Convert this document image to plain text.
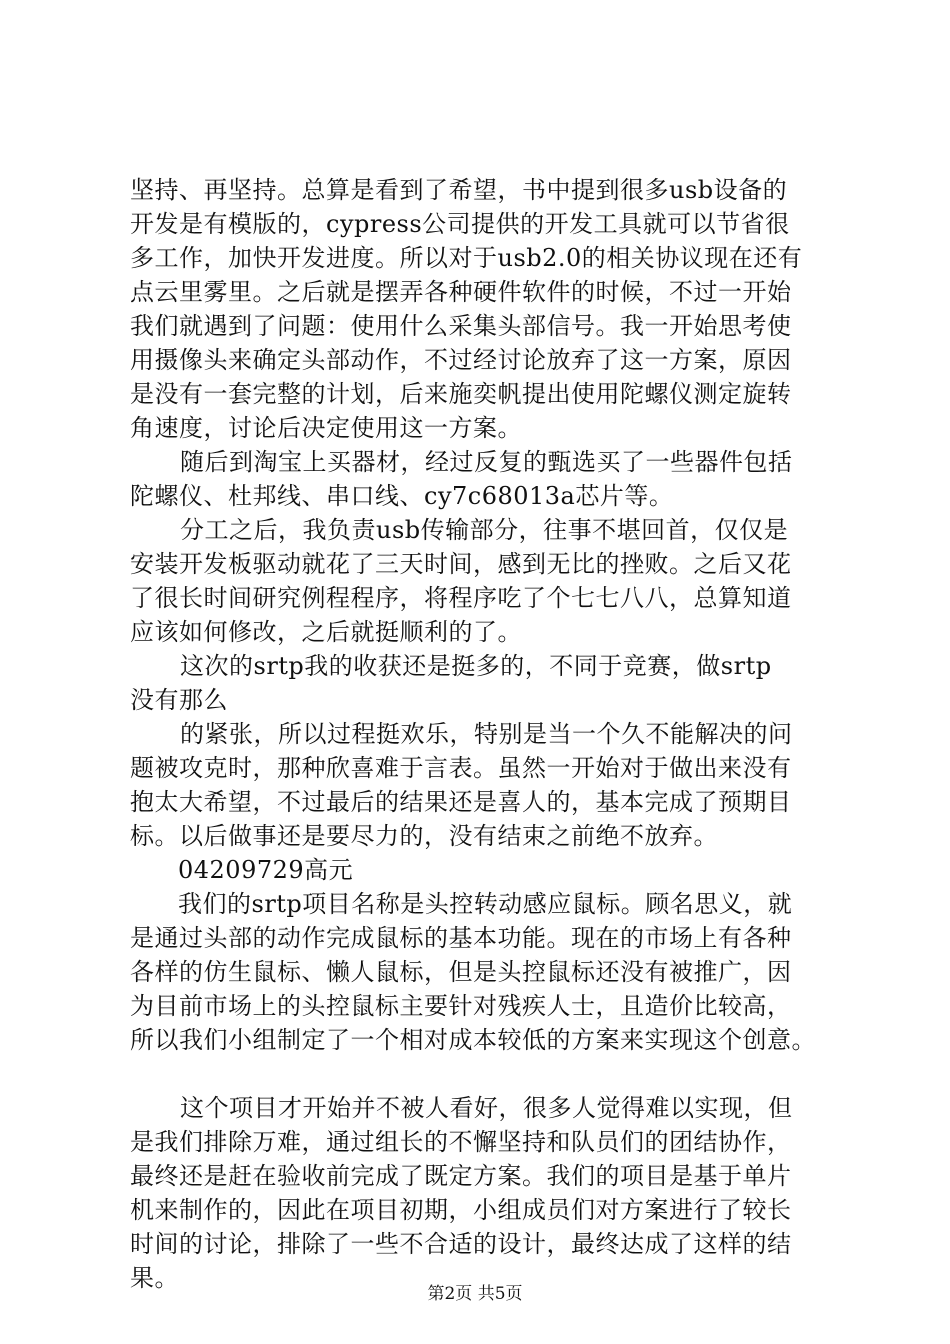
坚持、再坚持。总算是看到了希望，书中提到很多usb设备的
开发是有模版的，cypress公司提供的开发工具就可以节省很
多工作，加快开发进度。所以对于usb2.0的相关协议现在还有
点云里雾里。之后就是摆弄各种硬件软件的时候，不过一开始
我们就遇到了问题：使用什么采集头部信号。我一开始思考使
用摄像头来确定头部动作，不过经讨论放弃了这一方案，原因
是没有一套完整的计划，后来施奕帆提出使用陀螺仪测定旋转
角速度，讨论后决定使用这一方案。
随后到淘宝上买器材，经过反复的甄选买了一些器件包括
陀螺仪、杜邦线、串口线、cy7c68013a芯片等。
分工之后，我负责usb传输部分，往事不堪回首，仅仅是
安装开发板驱动就花了三天时间，感到无比的挫败。之后又花
了很长时间研究例程程序，将程序吃了个七七八八，总算知道
应该如何修改，之后就挺顺利的了。
这次的srtp我的收获还是挺多的，不同于竞赛，做srtp
没有那么
的紧张，所以过程挺欢乐，特别是当一个久不能解决的问
题被攻克时，那种欣喜难于言表。虽然一开始对于做出来没有
抱太大希望，不过最后的结果还是喜人的，基本完成了预期目
标。以后做事还是要尽力的，没有结束之前绝不放弃。
04209729高元
我们的srtp项目名称是头控转动感应鼠标。顾名思义，就
是通过头部的动作完成鼠标的基本功能。现在的市场上有各种
各样的仿生鼠标、懒人鼠标，但是头控鼠标还没有被推广，因
为目前市场上的头控鼠标主要针对残疾人士，且造价比较高，
所以我们小组制定了一个相对成本较低的方案来实现这个创意。
这个项目才开始并不被人看好，很多人觉得难以实现，但
是我们排除万难，通过组长的不懈坚持和队员们的团结协作，
最终还是赶在验收前完成了既定方案。我们的项目是基于单片
机来制作的，因此在项目初期，小组成员们对方案进行了较长
时间的讨论，排除了一些不合适的设计，最终达成了这样的结
果。
第2页 共5页
